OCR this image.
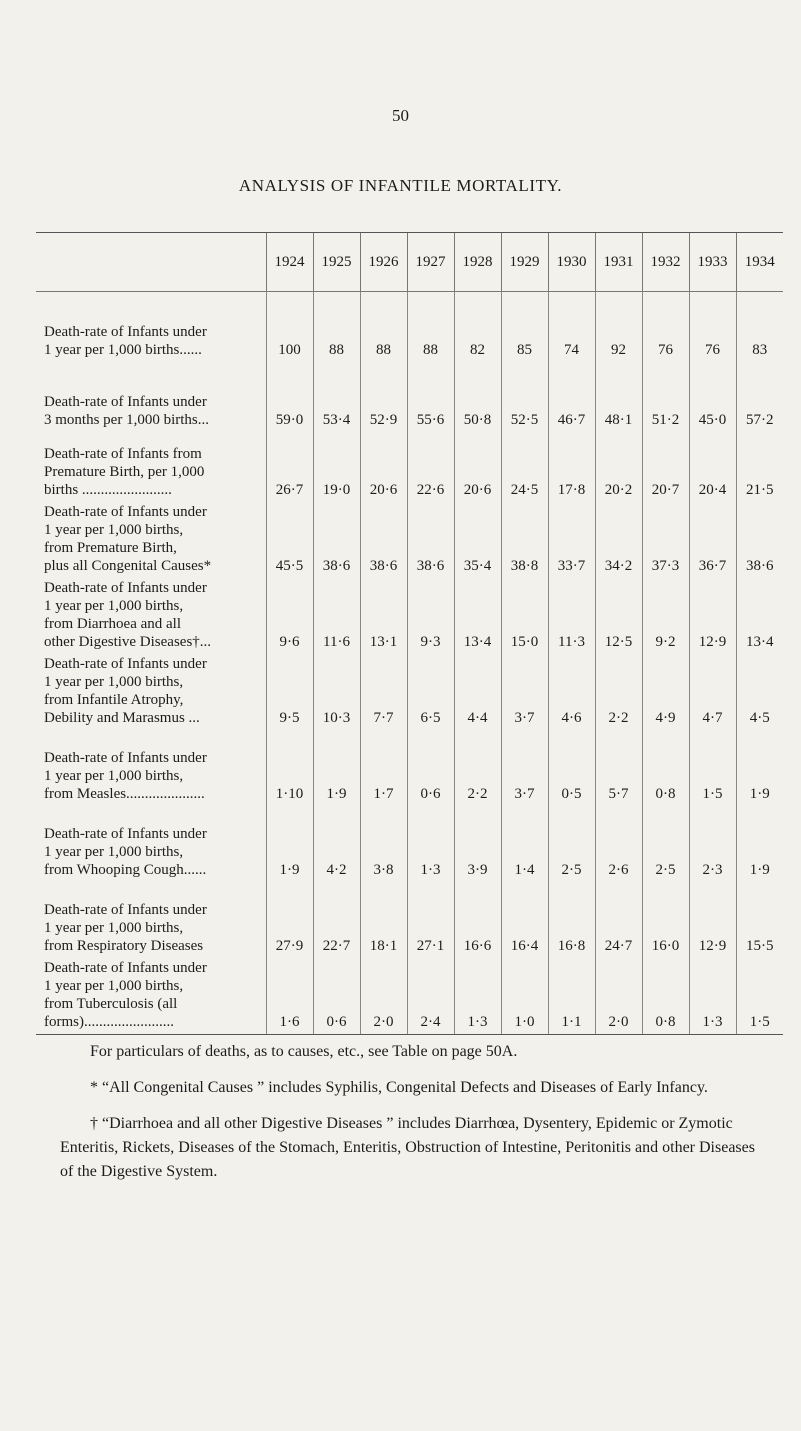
50
ANALYSIS OF INFANTILE MORTALITY.
	1924	1925	1926	1927	1928	1929	1930	1931	1932	1933	1934

Death-rate of Infants under
1 year per 1,000 births......	100	88	88	88	82	85	74	92	76	76	83

Death-rate of Infants under
3 months per 1,000 births...	59·0	53·4	52·9	55·6	50·8	52·5	46·7	48·1	51·2	45·0	57·2

Death-rate of Infants from
Premature Birth, per 1,000
births ........................	26·7	19·0	20·6	22·6	20·6	24·5	17·8	20·2	20·7	20·4	21·5

Death-rate of Infants under
1 year per 1,000 births,
from Premature Birth,
plus all Congenital Causes*	45·5	38·6	38·6	38·6	35·4	38·8	33·7	34·2	37·3	36·7	38·6

Death-rate of Infants under
1 year per 1,000 births,
from Diarrhoea and all
other Digestive Diseases†...	9·6	11·6	13·1	9·3	13·4	15·0	11·3	12·5	9·2	12·9	13·4

Death-rate of Infants under
1 year per 1,000 births,
from Infantile Atrophy,
Debility and Marasmus ...	9·5	10·3	7·7	6·5	4·4	3·7	4·6	2·2	4·9	4·7	4·5

Death-rate of Infants under
1 year per 1,000 births,
from Measles.....................	1·10	1·9	1·7	0·6	2·2	3·7	0·5	5·7	0·8	1·5	1·9

Death-rate of Infants under
1 year per 1,000 births,
from Whooping Cough......	1·9	4·2	3·8	1·3	3·9	1·4	2·5	2·6	2·5	2·3	1·9

Death-rate of Infants under
1 year per 1,000 births,
from Respiratory Diseases	27·9	22·7	18·1	27·1	16·6	16·4	16·8	24·7	16·0	12·9	15·5

Death-rate of Infants under
1 year per 1,000 births,
from Tuberculosis (all
forms)........................	1·6	0·6	2·0	2·4	1·3	1·0	1·1	2·0	0·8	1·3	1·5

For particulars of deaths, as to causes, etc., see Table on page 50A.

* “All Congenital Causes ” includes Syphilis, Congenital Defects and Diseases of Early Infancy.

† “Diarrhoea and all other Digestive Diseases ” includes Diarrhœa, Dysentery, Epidemic or Zymotic Enteritis, Rickets, Diseases of the Stomach, Enteritis, Obstruction of Intestine, Peritonitis and other Diseases of the Digestive System.
